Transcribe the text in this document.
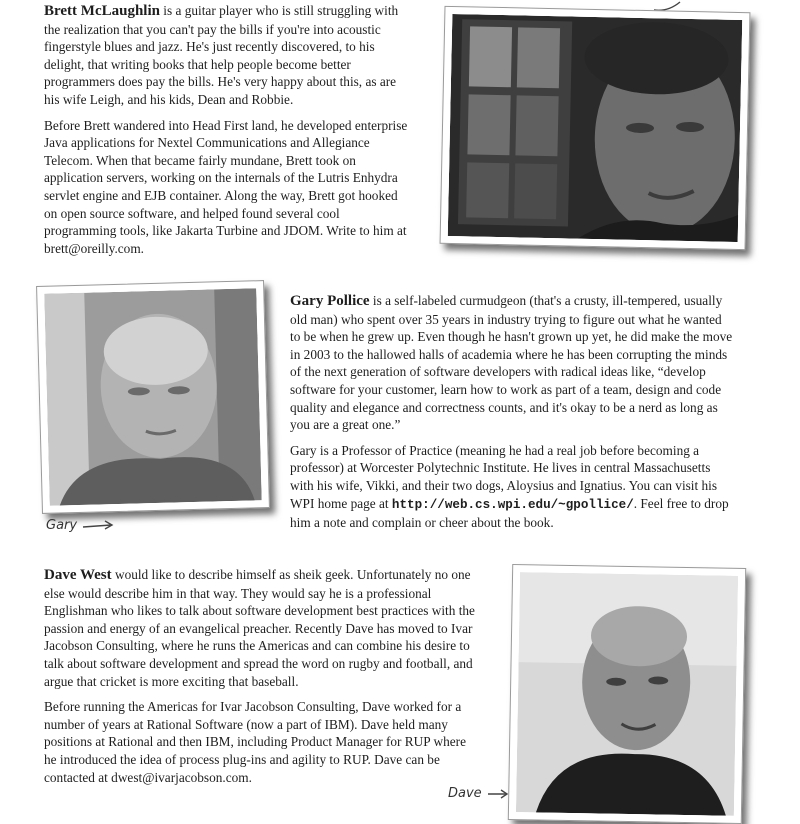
Brett McLaughlin is a guitar player who is still struggling with the realization that you can't pay the bills if you're into acoustic fingerstyle blues and jazz. He's just recently discovered, to his delight, that writing books that help people become better programmers does pay the bills. He's very happy about this, as are his wife Leigh, and his kids, Dean and Robbie.

Before Brett wandered into Head First land, he developed enterprise Java applications for Nextel Communications and Allegiance Telecom. When that became fairly mundane, Brett took on application servers, working on the internals of the Lutris Enhydra servlet engine and EJB container. Along the way, Brett got hooked on open source software, and helped found several cool programming tools, like Jakarta Turbine and JDOM. Write to him at brett@oreilly.com.

Gary

Gary Pollice is a self-labeled curmudgeon (that's a crusty, ill-tempered, usually old man) who spent over 35 years in industry trying to figure out what he wanted to be when he grew up. Even though he hasn't grown up yet, he did make the move in 2003 to the hallowed halls of academia where he has been corrupting the minds of the next generation of software developers with radical ideas like, “develop software for your customer, learn how to work as part of a team, design and code quality and elegance and correctness counts, and it's okay to be a nerd as long as you are a great one.”

Gary is a Professor of Practice (meaning he had a real job before becoming a professor) at Worcester Polytechnic Institute. He lives in central Massachusetts with his wife, Vikki, and their two dogs, Aloysius and Ignatius. You can visit his WPI home page at http://web.cs.wpi.edu/~gpollice/. Feel free to drop him a note and complain or cheer about the book.

Dave West would like to describe himself as sheik geek. Unfortunately no one else would describe him in that way. They would say he is a professional Englishman who likes to talk about software development best practices with the passion and energy of an evangelical preacher. Recently Dave has moved to Ivar Jacobson Consulting, where he runs the Americas and can combine his desire to talk about software development and spread the word on rugby and football, and argue that cricket is more exciting that baseball.

Before running the Americas for Ivar Jacobson Consulting, Dave worked for a number of years at Rational Software (now a part of IBM). Dave held many positions at Rational and then IBM, including Product Manager for RUP where he introduced the idea of process plug-ins and agility to RUP. Dave can be contacted at dwest@ivarjacobson.com.

Dave
